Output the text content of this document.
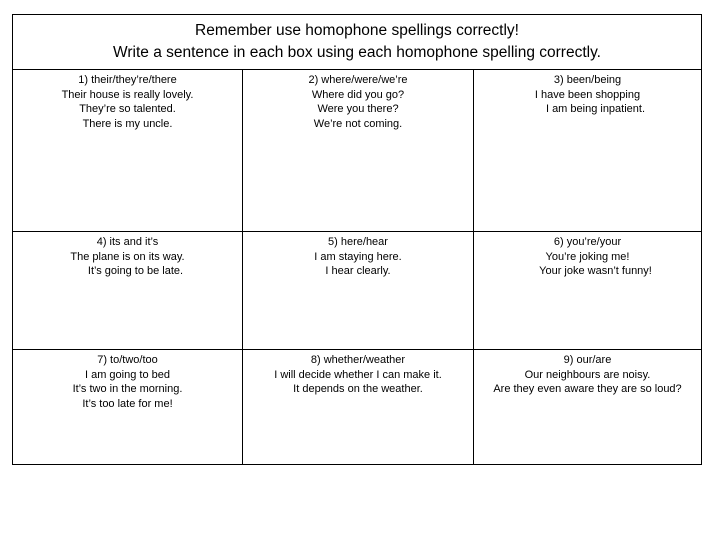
Remember use homophone spellings correctly!
Write a sentence in each box using each homophone spelling correctly.
1) their/they’re/there
Their house is really lovely.
They’re so talented.
There is my uncle.
2) where/were/we’re
Where did you go?
Were you there?
We’re not coming.
3) been/being
I have been shopping
I am being inpatient.
4) its and it’s
The plane is on its way.
It’s going to be late.
5) here/hear
I am staying here.
I hear clearly.
6) you’re/your
You’re joking me!
Your joke wasn’t funny!
7) to/two/too
I am going to bed
It’s two in the morning.
It’s too late for me!
8) whether/weather
I will decide whether I can make it.
It depends on the weather.
9) our/are
Our neighbours are noisy.
Are they even aware they are so loud?
